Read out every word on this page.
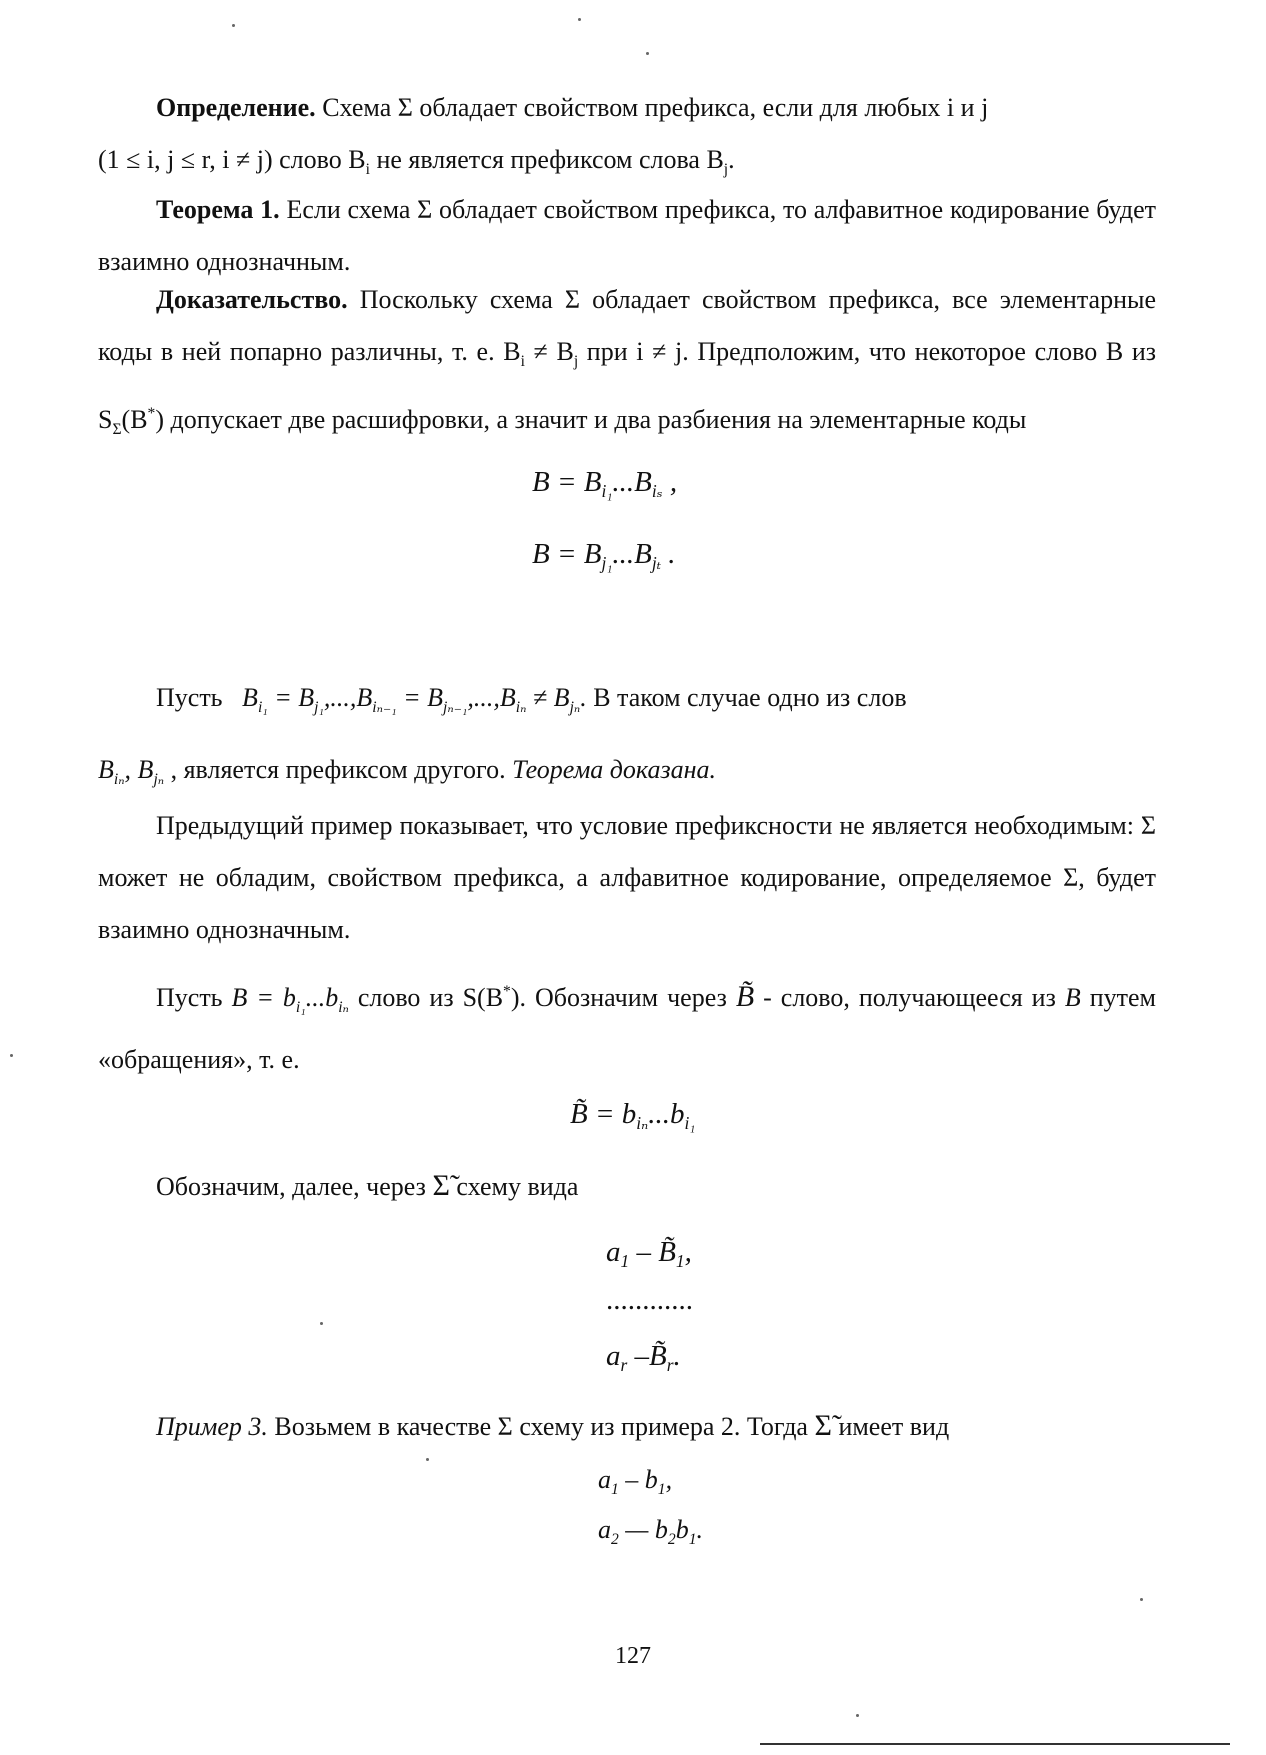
Определение. Схема Σ обладает свойством префикса, если для любых i и j
(1 ≤ i, j ≤ r, i ≠ j) слово $B_i$ не является префиксом слова $B_j$.
Теорема 1. Если схема Σ обладает свойством префикса, то алфавитное кодирование будет взаимно однозначным.
Доказательство. Поскольку схема Σ обладает свойством префикса, все элементарные коды в ней попарно различны, т. е. $B_i \ne B_j$ при i ≠ j. Предположим, что некоторое слово B из $S_\Sigma(B^*)$ допускает две расшифровки, а значит и два разбиения на элементарные коды
$B = B_{i_1}...B_{i_s}$ ,
$B = B_{j_1}...B_{j_t}$ .
Пусть $B_{i_1} = B_{j_1},...,B_{i_{n-1}} = B_{j_{n-1}},...,B_{i_n} \ne B_{j_n}$. В таком случае одно из слов
$B_{i_n}$, $B_{j_n}$ , является префиксом другого. Теорема доказана.
Предыдущий пример показывает, что условие префиксности не является необходимым: Σ может не обладим, свойством префикса, а алфавитное кодирование, определяемое Σ, будет взаимно однозначным.
Пусть $B = b_{i_1}...b_{i_n}$ слово из S(B*). Обозначим через B̃ - слово, получающееся из B путем «обращения», т. е.
B̃ = $b_{i_n}...b_{i_1}$
Обозначим, далее, через Σ̃ схему вида
$a_1$ – $B̃_1$,
............
$a_r$ $-B̃_r$.
Пример 3. Возьмем в качестве Σ схему из примера 2. Тогда Σ̃ имеет вид
$a_1 - b_1$,
$a_2$ — $b_2b_1$.
127
